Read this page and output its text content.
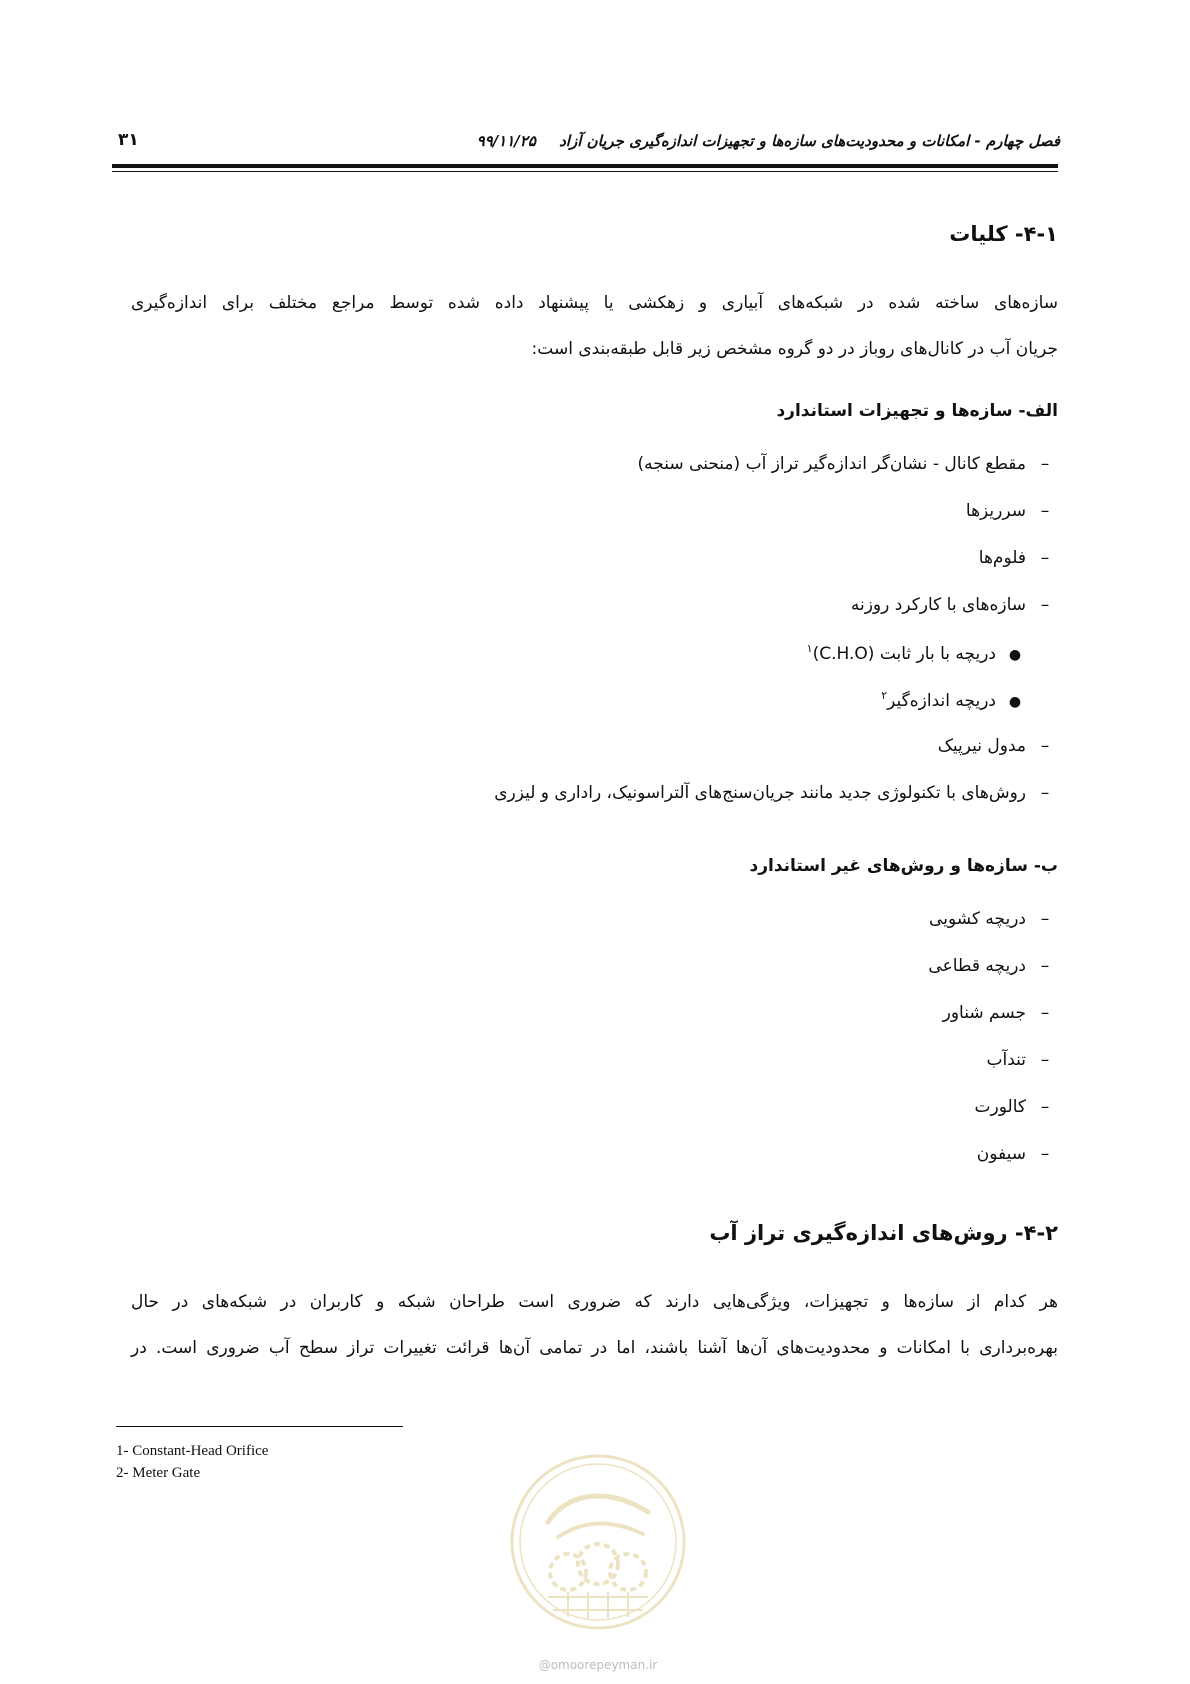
فصل چهارم - امکانات و محدودیت‌های سازه‌ها و تجهیزات اندازه‌گیری جریان آزاد ۹۹/۱۱/۲۵
۳۱
۴-۱- کلیات
سازه‌های ساخته شده در شبکه‌های آبیاری و زهکشی یا پیشنهاد داده شده توسط مراجع مختلف برای اندازه‌گیری
جریان آب در کانال‌های روباز در دو گروه مشخص زیر قابل طبقه‌بندی است:
الف- سازه‌ها و تجهیزات استاندارد
–مقطع کانال - نشان‌گر اندازه‌گیر تراز آب (منحنی سنجه)
–سرریزها
–فلوم‌ها
–سازه‌های با کارکرد روزنه
●دریچه با بار ثابت $(C.H.O)^۱$
●دریچه اندازه‌گیر$^۲$
–مدول نیرپیک
–روش‌های با تکنولوژی جدید مانند جریان‌سنج‌های آلتراسونیک، راداری و لیزری
ب- سازه‌ها و روش‌های غیر استاندارد
–دریچه کشویی
–دریچه قطاعی
–جسم شناور
–تندآب
–کالورت
–سیفون
۴-۲- روش‌های اندازه‌گیری تراز آب
هر کدام از سازه‌ها و تجهیزات، ویژگی‌هایی دارند که ضروری است طراحان شبکه و کاربران در شبکه‌های در حال
بهره‌برداری با امکانات و محدودیت‌های آن‌ها آشنا باشند، اما در تمامی آن‌ها قرائت تغییرات تراز سطح آب ضروری است. در
1- Constant-Head Orifice
2- Meter Gate
@omoorepeyman.ir
